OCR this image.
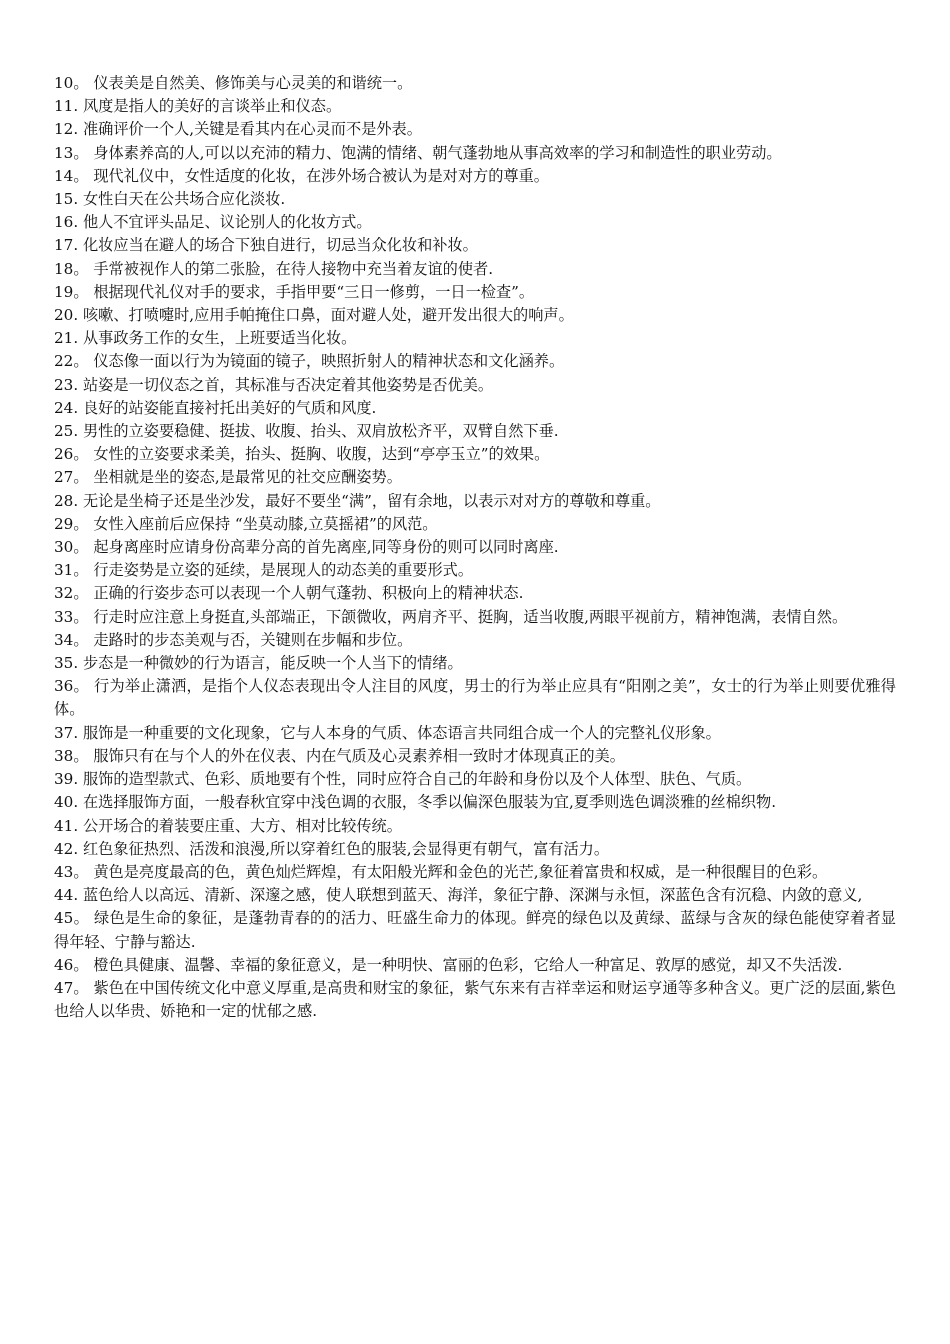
10。 仪表美是自然美、修饰美与心灵美的和谐统一。

11. 风度是指人的美好的言谈举止和仪态。

12. 准确评价一个人,关键是看其内在心灵而不是外表。

13。 身体素养高的人,可以以充沛的精力、饱满的情绪、朝气蓬勃地从事高效率的学习和制造性的职业劳动。

14。 现代礼仪中，女性适度的化妆，在涉外场合被认为是对对方的尊重。

15. 女性白天在公共场合应化淡妆.

16. 他人不宜评头品足、议论别人的化妆方式。

17. 化妆应当在避人的场合下独自进行，切忌当众化妆和补妆。

18。 手常被视作人的第二张脸，在待人接物中充当着友谊的使者.

19。 根据现代礼仪对手的要求，手指甲要“三日一修剪，一日一检查”。

20. 咳嗽、打喷嚏时,应用手帕掩住口鼻，面对避人处，避开发出很大的响声。

21. 从事政务工作的女生，上班要适当化妆。

22。 仪态像一面以行为为镜面的镜子，映照折射人的精神状态和文化涵养。

23. 站姿是一切仪态之首，其标准与否决定着其他姿势是否优美。

24. 良好的站姿能直接衬托出美好的气质和风度.

25. 男性的立姿要稳健、挺拔、收腹、抬头、双肩放松齐平，双臂自然下垂.

26。 女性的立姿要求柔美，抬头、挺胸、收腹，达到“亭亭玉立”的效果。

27。 坐相就是坐的姿态,是最常见的社交应酬姿势。

28. 无论是坐椅子还是坐沙发，最好不要坐“满”，留有余地，以表示对对方的尊敬和尊重。

29。 女性入座前后应保持 “坐莫动膝,立莫摇裙”的风范。

30。 起身离座时应请身份高辈分高的首先离座,同等身份的则可以同时离座.

31。 行走姿势是立姿的延续，是展现人的动态美的重要形式。

32。 正确的行姿步态可以表现一个人朝气蓬勃、积极向上的精神状态.

33。 行走时应注意上身挺直,头部端正，下颌微收，两肩齐平、挺胸，适当收腹,两眼平视前方，精神饱满，表情自然。

34。 走路时的步态美观与否，关键则在步幅和步位。

35. 步态是一种微妙的行为语言，能反映一个人当下的情绪。

36。 行为举止潇洒，是指个人仪态表现出令人注目的风度，男士的行为举止应具有“阳刚之美”，女士的行为举止则要优雅得体。

37. 服饰是一种重要的文化现象，它与人本身的气质、体态语言共同组合成一个人的完整礼仪形象。

38。 服饰只有在与个人的外在仪表、内在气质及心灵素养相一致时才体现真正的美。

39. 服饰的造型款式、色彩、质地要有个性，同时应符合自己的年龄和身份以及个人体型、肤色、气质。

40. 在选择服饰方面，一般春秋宜穿中浅色调的衣服，冬季以偏深色服装为宜,夏季则选色调淡雅的丝棉织物.

41. 公开场合的着装要庄重、大方、相对比较传统。

42. 红色象征热烈、活泼和浪漫,所以穿着红色的服装,会显得更有朝气，富有活力。

43。 黄色是亮度最高的色，黄色灿烂辉煌，有太阳般光辉和金色的光芒,象征着富贵和权威，是一种很醒目的色彩。

44. 蓝色给人以高远、清新、深邃之感，使人联想到蓝天、海洋，象征宁静、深渊与永恒，深蓝色含有沉稳、内敛的意义,

45。 绿色是生命的象征，是蓬勃青春的的活力、旺盛生命力的体现。鲜亮的绿色以及黄绿、蓝绿与含灰的绿色能使穿着者显得年轻、宁静与豁达.

46。 橙色具健康、温馨、幸福的象征意义，是一种明快、富丽的色彩，它给人一种富足、敦厚的感觉，却又不失活泼.

47。 紫色在中国传统文化中意义厚重,是高贵和财宝的象征，紫气东来有吉祥幸运和财运亨通等多种含义。更广泛的层面,紫色也给人以华贵、娇艳和一定的忧郁之感.
